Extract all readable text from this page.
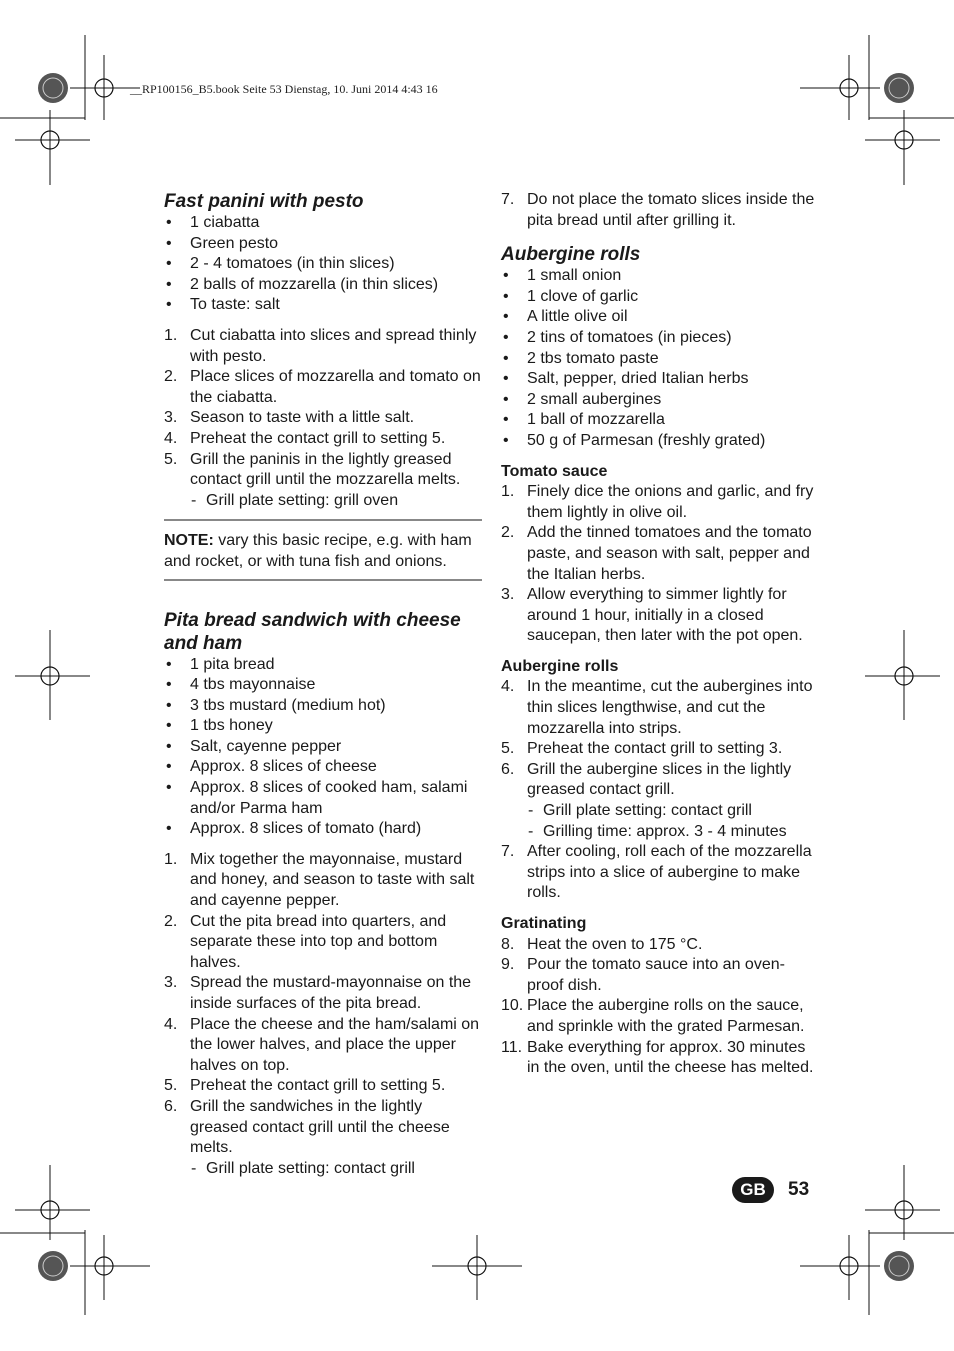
__RP100156_B5.book Seite 53 Dienstag, 10. Juni 2014 4:43 16
Fast panini with pesto
• 1 ciabatta
• Green pesto
• 2 - 4 tomatoes (in thin slices)
• 2 balls of mozzarella (in thin slices)
• To taste: salt
1. Cut ciabatta into slices and spread thinly with pesto.
2. Place slices of mozzarella and tomato on the ciabatta.
3. Season to taste with a little salt.
4. Preheat the contact grill to setting 5.
5. Grill the paninis in the lightly greased contact grill until the mozzarella melts.
- Grill plate setting: grill oven
NOTE: vary this basic recipe, e.g. with ham and rocket, or with tuna fish and onions.
Pita bread sandwich with cheese and ham
• 1 pita bread
• 4 tbs mayonnaise
• 3 tbs mustard (medium hot)
• 1 tbs honey
• Salt, cayenne pepper
• Approx. 8 slices of cheese
• Approx. 8 slices of cooked ham, salami and/or Parma ham
• Approx. 8 slices of tomato (hard)
1. Mix together the mayonnaise, mustard and honey, and season to taste with salt and cayenne pepper.
2. Cut the pita bread into quarters, and separate these into top and bottom halves.
3. Spread the mustard-mayonnaise on the inside surfaces of the pita bread.
4. Place the cheese and the ham/salami on the lower halves, and place the upper halves on top.
5. Preheat the contact grill to setting 5.
6. Grill the sandwiches in the lightly greased contact grill until the cheese melts.
- Grill plate setting: contact grill
7. Do not place the tomato slices inside the pita bread until after grilling it.
Aubergine rolls
• 1 small onion
• 1 clove of garlic
• A little olive oil
• 2 tins of tomatoes (in pieces)
• 2 tbs tomato paste
• Salt, pepper, dried Italian herbs
• 2 small aubergines
• 1 ball of mozzarella
• 50 g of Parmesan (freshly grated)
Tomato sauce
1. Finely dice the onions and garlic, and fry them lightly in olive oil.
2. Add the tinned tomatoes and the tomato paste, and season with salt, pepper and the Italian herbs.
3. Allow everything to simmer lightly for around 1 hour, initially in a closed saucepan, then later with the pot open.
Aubergine rolls
4. In the meantime, cut the aubergines into thin slices lengthwise, and cut the mozzarella into strips.
5. Preheat the contact grill to setting 3.
6. Grill the aubergine slices in the lightly greased contact grill.
- Grill plate setting: contact grill
- Grilling time: approx. 3 - 4 minutes
7. After cooling, roll each of the mozzarella strips into a slice of aubergine to make rolls.
Gratinating
8. Heat the oven to 175 °C.
9. Pour the tomato sauce into an oven-proof dish.
10. Place the aubergine rolls on the sauce, and sprinkle with the grated Parmesan.
11. Bake everything for approx. 30 minutes in the oven, until the cheese has melted.
GB	53
